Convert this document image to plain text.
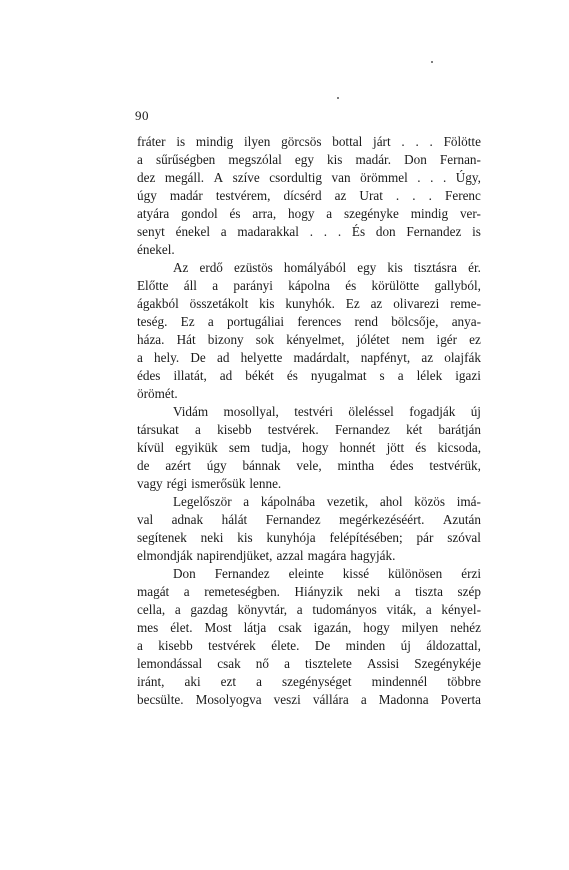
90
fráter is mindig ilyen görcsös bottal járt . . . Fölötte
a sűrűségben megszólal egy kis madár. Don Fernan-
dez megáll. A szíve csordultig van örömmel . . . Úgy,
úgy madár testvérem, dícsérd az Urat . . . Ferenc
atyára gondol és arra, hogy a szegényke mindig ver-
senyt énekel a madarakkal . . . És don Fernandez is
énekel.
Az erdő ezüstös homályából egy kis tisztásra ér.
Előtte áll a parányi kápolna és körülötte gallyból,
ágakból összetákolt kis kunyhók. Ez az olivarezi reme-
teség. Ez a portugáliai ferences rend bölcsője, anya-
háza. Hát bizony sok kényelmet, jólétet nem igér ez
a hely. De ad helyette madárdalt, napfényt, az olajfák
édes illatát, ad békét és nyugalmat s a lélek igazi
örömét.
Vidám mosollyal, testvéri öleléssel fogadják új
társukat a kisebb testvérek. Fernandez két barátján
kívül egyikük sem tudja, hogy honnét jött és kicsoda,
de azért úgy bánnak vele, mintha édes testvérük,
vagy régi ismerősük lenne.
Legelőször a kápolnába vezetik, ahol közös imá-
val adnak hálát Fernandez megérkezéséért. Azután
segítenek neki kis kunyhója felépítésében; pár szóval
elmondják napirendjüket, azzal magára hagyják.
Don Fernandez eleinte kissé különösen érzi
magát a remeteségben. Hiányzik neki a tiszta szép
cella, a gazdag könyvtár, a tudományos viták, a kényel-
mes élet. Most látja csak igazán, hogy milyen nehéz
a kisebb testvérek élete. De minden új áldozattal,
lemondással csak nő a tisztelete Assisi Szegénykéje
iránt, aki ezt a szegénységet mindennél többre
becsülte. Mosolyogva veszi vállára a Madonna Poverta
